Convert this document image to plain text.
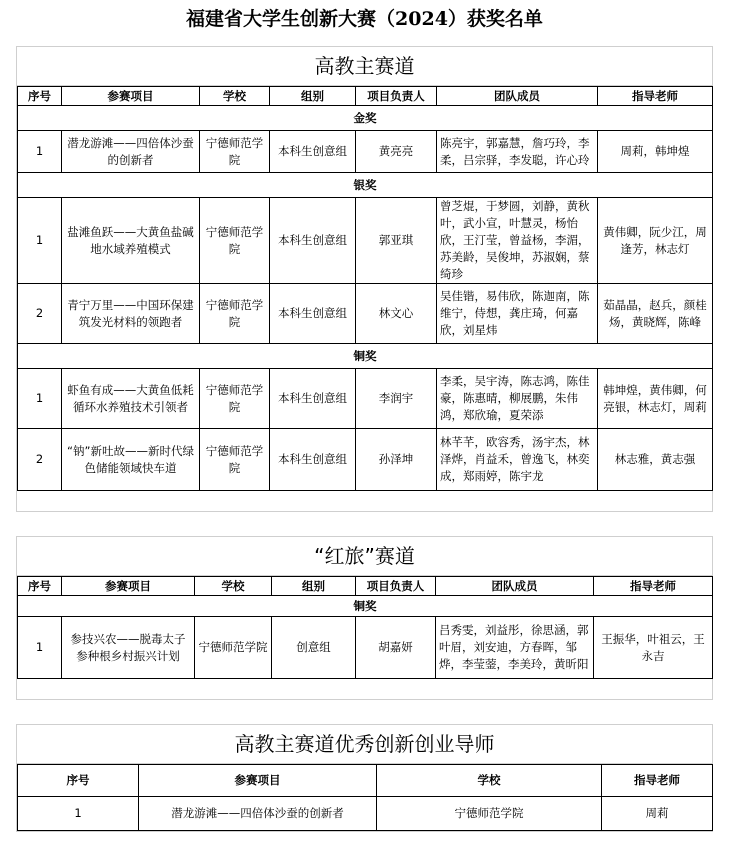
福建省大学生创新大赛（2024）获奖名单
高教主赛道
序号	参赛项目	学校	组别	项目负责人	团队成员	指导老师
金奖						
1	潜龙游滩——四倍体沙蚕的创新者	宁德师范学院	本科生创意组	黄亮亮	陈亮宇，郭嘉慧，詹巧玲，李柔，吕宗驿，李发聪，许心玲	周莉，韩坤煌
银奖						
1	盐滩鱼跃——大黄鱼盐碱地水域养殖模式	宁德师范学院	本科生创意组	郭亚琪	曾芝焜，于梦圆，刘静，黄秋叶，武小宣，叶慧灵，杨怡欣，王汀莹，曾益杨，李湄，苏美龄，吴俊坤，苏淑娴，蔡绮珍	黄伟卿，阮少江，周逢芳，林志灯
2	青宁万里——中国环保建筑发光材料的领跑者	宁德师范学院	本科生创意组	林文心	吴佳锴，易伟欣，陈迦南，陈维宁，侍想，龚庄琦，何嘉欣，刘星炜	茹晶晶，赵兵，颜桂炀，黄晓辉，陈峰
铜奖						
1	虾鱼有成——大黄鱼低耗循环水养殖技术引领者	宁德师范学院	本科生创意组	李润宇	李柔，吴宇涛，陈志鸿，陈佳豪，陈惠晴，柳展鹏，朱伟鸿，郑欣瑜，夏荣添	韩坤煌，黄伟卿，何亮银，林志灯，周莉
2	“钠”新吐故——新时代绿色储能领域快车道	宁德师范学院	本科生创意组	孙泽坤	林芊芊，欧容秀，汤宇杰，林泽烨，肖益禾，曾逸飞，林奕成，郑雨婷，陈宇龙	林志雅，黄志强
“红旅”赛道
序号	参赛项目	学校	组别	项目负责人	团队成员	指导老师
铜奖						
1	参技兴农——脱毒太子参种根乡村振兴计划	宁德师范学院	创意组	胡嘉妍	吕秀雯，刘益彤，徐思涵，郭叶眉，刘安迪，方春晖，邹烨，李莹蓥，李美玲，黄昕阳	王振华，叶祖云，王永吉
高教主赛道优秀创新创业导师
序号	参赛项目	学校	指导老师
1	潜龙游滩——四倍体沙蚕的创新者	宁德师范学院	周莉
